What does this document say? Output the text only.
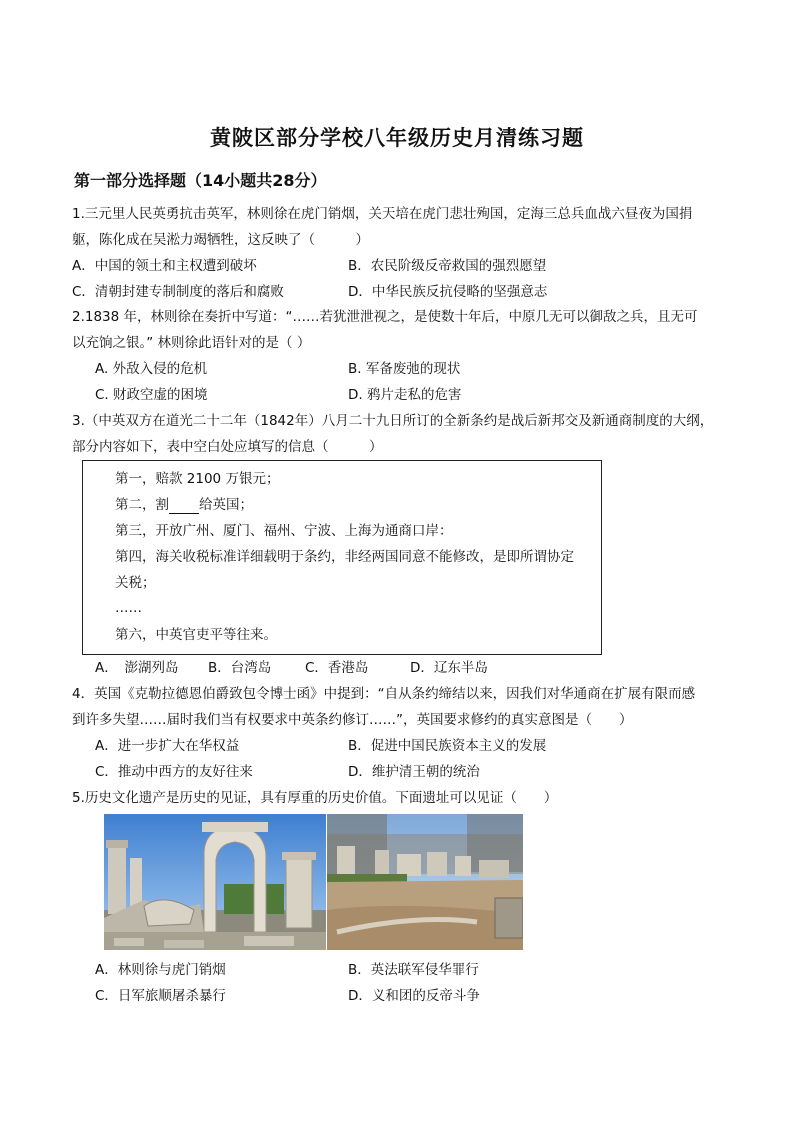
黄陂区部分学校八年级历史月清练习题
第一部分选择题（14小题共28分）
1.三元里人民英勇抗击英军，林则徐在虎门销烟，关天培在虎门悲壮殉国，定海三总兵血战六昼夜为国捐
躯，陈化成在吴淞力竭牺牲，这反映了（　　　）
A．中国的领土和主权遭到破坏	B．农民阶级反帝救国的强烈愿望
C．清朝封建专制制度的落后和腐败	D．中华民族反抗侵略的坚强意志
2.1838 年，林则徐在奏折中写道：“……若犹泄泄视之，是使数十年后，中原几无可以御敌之兵，且无可
以充饷之银。” 林则徐此语针对的是（ ）
A. 外敌入侵的危机	B. 军备废弛的现状
C. 财政空虚的困境	D. 鸦片走私的危害
3.（中英双方在道光二十二年（1842年）八月二十九日所订的全新条约是战后新邦交及新通商制度的大纲，
部分内容如下，表中空白处应填写的信息（　　　）
第一，赔款 2100 万银元；
第二，割 给英国；
第三，开放广州、厦门、福州、宁波、上海为通商口岸：
第四，海关收税标准详细载明于条约，非经两国同意不能修改，是即所谓协定
关税；
……
第六，中英官吏平等往来。
A．　澎湖列岛 B．台湾岛 C．香港岛	D．辽东半岛
4．英国《克勒拉德恩伯爵致包令博士函》中提到：“自从条约缔结以来，因我们对华通商在扩展有限而感
到许多失望……届时我们当有权要求中英条约修订……”，英国要求修约的真实意图是（　　）
A．进一步扩大在华权益	B．促进中国民族资本主义的发展
C．推动中西方的友好往来	D．维护清王朝的统治
5.历史文化遗产是历史的见证，具有厚重的历史价值。下面遗址可以见证（　　）
A．林则徐与虎门销烟	B．英法联军侵华罪行
C．日军旅顺屠杀暴行	D．义和团的反帝斗争
